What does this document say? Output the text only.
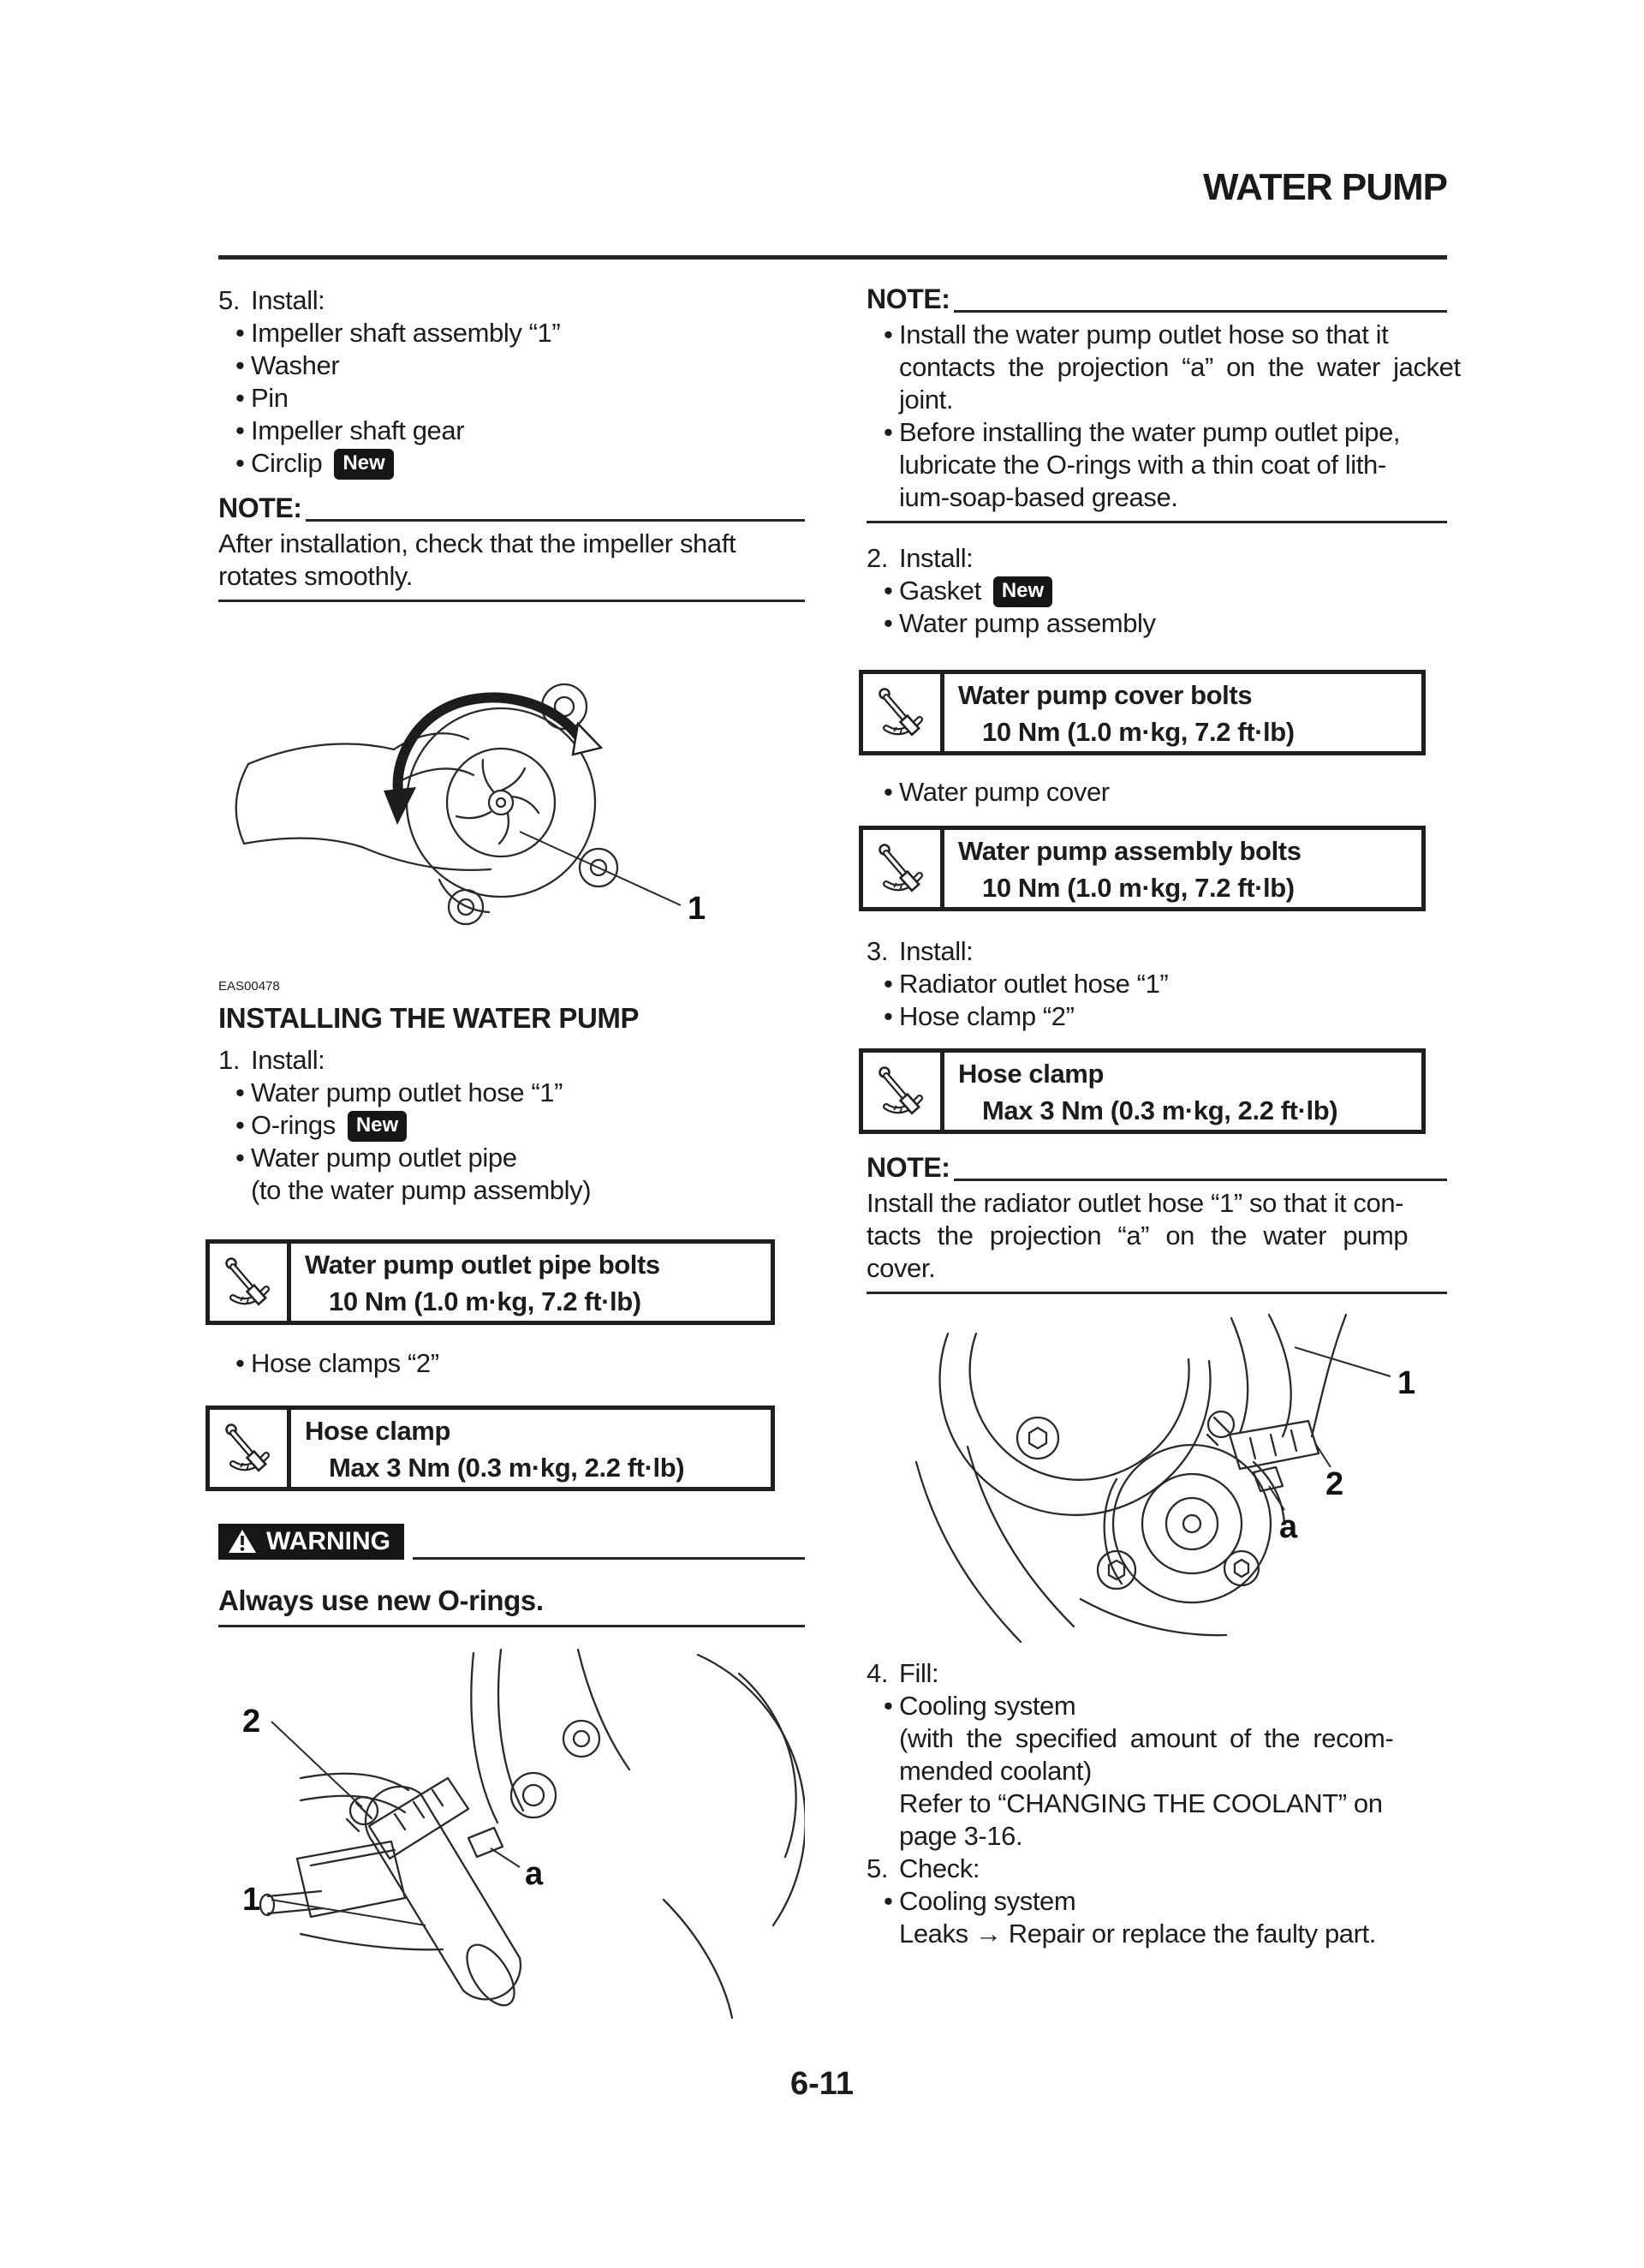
WATER PUMP
5. Install:
• Impeller shaft assembly “1”
• Washer
• Pin
• Impeller shaft gear
• Circlip New
NOTE:
After installation, check that the impeller shaft
rotates smoothly.
1
EAS00478
INSTALLING THE WATER PUMP
1. Install:
• Water pump outlet hose “1”
• O-rings New
• Water pump outlet pipe
(to the water pump assembly)
Water pump outlet pipe bolts
10 Nm (1.0 m·kg, 7.2 ft·lb)
• Hose clamps “2”
Hose clamp
Max 3 Nm (0.3 m·kg, 2.2 ft·lb)
WARNING
Always use new O-rings.
2
1
a
NOTE:
• Install the water pump outlet hose so that it
contacts the projection “a” on the water jacket
joint.
• Before installing the water pump outlet pipe,
lubricate the O-rings with a thin coat of lith-
ium-soap-based grease.
2. Install:
• Gasket New
• Water pump assembly
Water pump cover bolts
10 Nm (1.0 m·kg, 7.2 ft·lb)
• Water pump cover
Water pump assembly bolts
10 Nm (1.0 m·kg, 7.2 ft·lb)
3. Install:
• Radiator outlet hose “1”
• Hose clamp “2”
Hose clamp
Max 3 Nm (0.3 m·kg, 2.2 ft·lb)
NOTE:
Install the radiator outlet hose “1” so that it con-
tacts the projection “a” on the water pump
cover.
1
2
a
4. Fill:
• Cooling system
(with the specified amount of the recom-
mended coolant)
Refer to “CHANGING THE COOLANT” on
page 3-16.
5. Check:
• Cooling system
Leaks → Repair or replace the faulty part.
6-11
